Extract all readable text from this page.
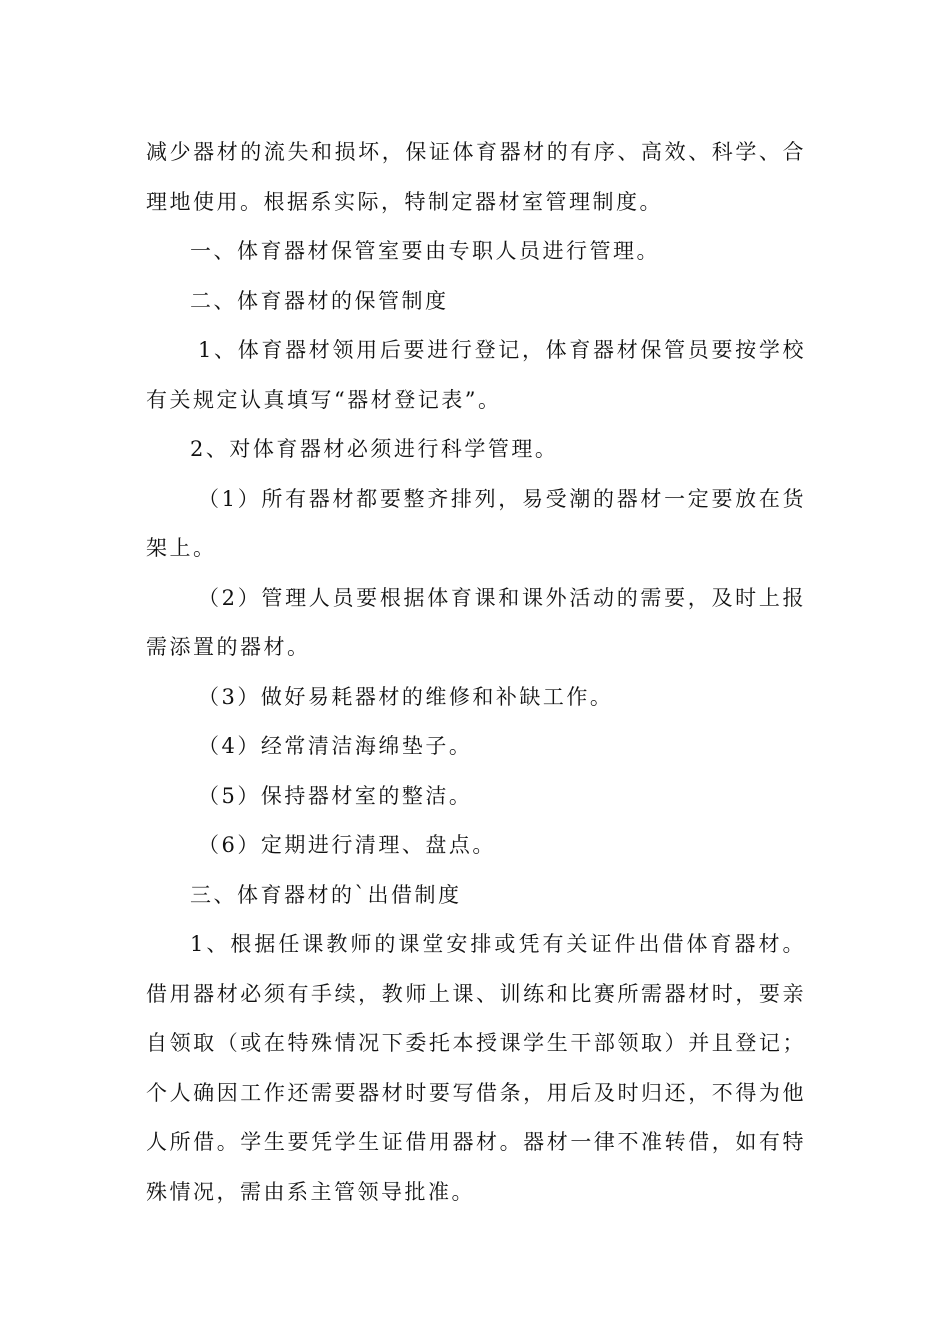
减少器材的流失和损坏，保证体育器材的有序、高效、科学、合理地使用。根据系实际，特制定器材室管理制度。

一、体育器材保管室要由专职人员进行管理。

二、体育器材的保管制度

1、体育器材领用后要进行登记，体育器材保管员要按学校有关规定认真填写“器材登记表”。

2、对体育器材必须进行科学管理。

（1）所有器材都要整齐排列，易受潮的器材一定要放在货架上。

（2）管理人员要根据体育课和课外活动的需要，及时上报需添置的器材。

（3）做好易耗器材的维修和补缺工作。

（4）经常清洁海绵垫子。

（5）保持器材室的整洁。

（6）定期进行清理、盘点。

三、体育器材的`出借制度

1、根据任课教师的课堂安排或凭有关证件出借体育器材。借用器材必须有手续，教师上课、训练和比赛所需器材时，要亲自领取（或在特殊情况下委托本授课学生干部领取）并且登记；个人确因工作还需要器材时要写借条，用后及时归还，不得为他人所借。学生要凭学生证借用器材。器材一律不准转借，如有特殊情况，需由系主管领导批准。
